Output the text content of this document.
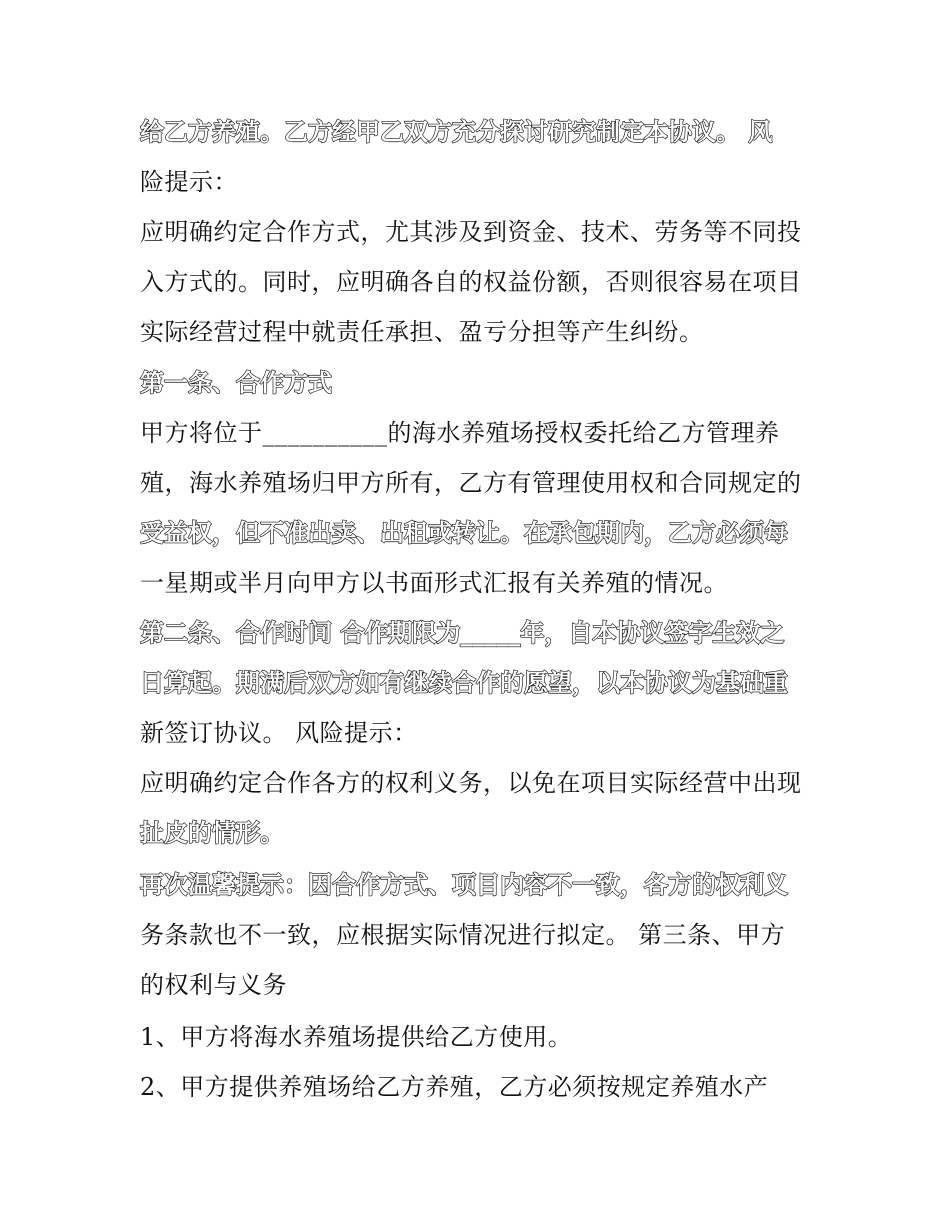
给乙方养殖。乙方经甲乙双方充分探讨研究制定本协议。 风
险提示：
应明确约定合作方式，尤其涉及到资金、技术、劳务等不同投
入方式的。同时，应明确各自的权益份额，否则很容易在项目
实际经营过程中就责任承担、盈亏分担等产生纠纷。
第一条、合作方式
甲方将位于__________的海水养殖场授权委托给乙方管理养
殖，海水养殖场归甲方所有，乙方有管理使用权和合同规定的
受益权，但不准出卖、出租或转让。在承包期内，乙方必须每
一星期或半月向甲方以书面形式汇报有关养殖的情况。
第二条、合作时间 合作期限为_____年，自本协议签字生效之
日算起。期满后双方如有继续合作的愿望，以本协议为基础重
新签订协议。 风险提示：
应明确约定合作各方的权利义务，以免在项目实际经营中出现
扯皮的情形。
再次温馨提示：因合作方式、项目内容不一致，各方的权利义
务条款也不一致，应根据实际情况进行拟定。 第三条、甲方
的权利与义务
1、甲方将海水养殖场提供给乙方使用。
2、甲方提供养殖场给乙方养殖，乙方必须按规定养殖水产
